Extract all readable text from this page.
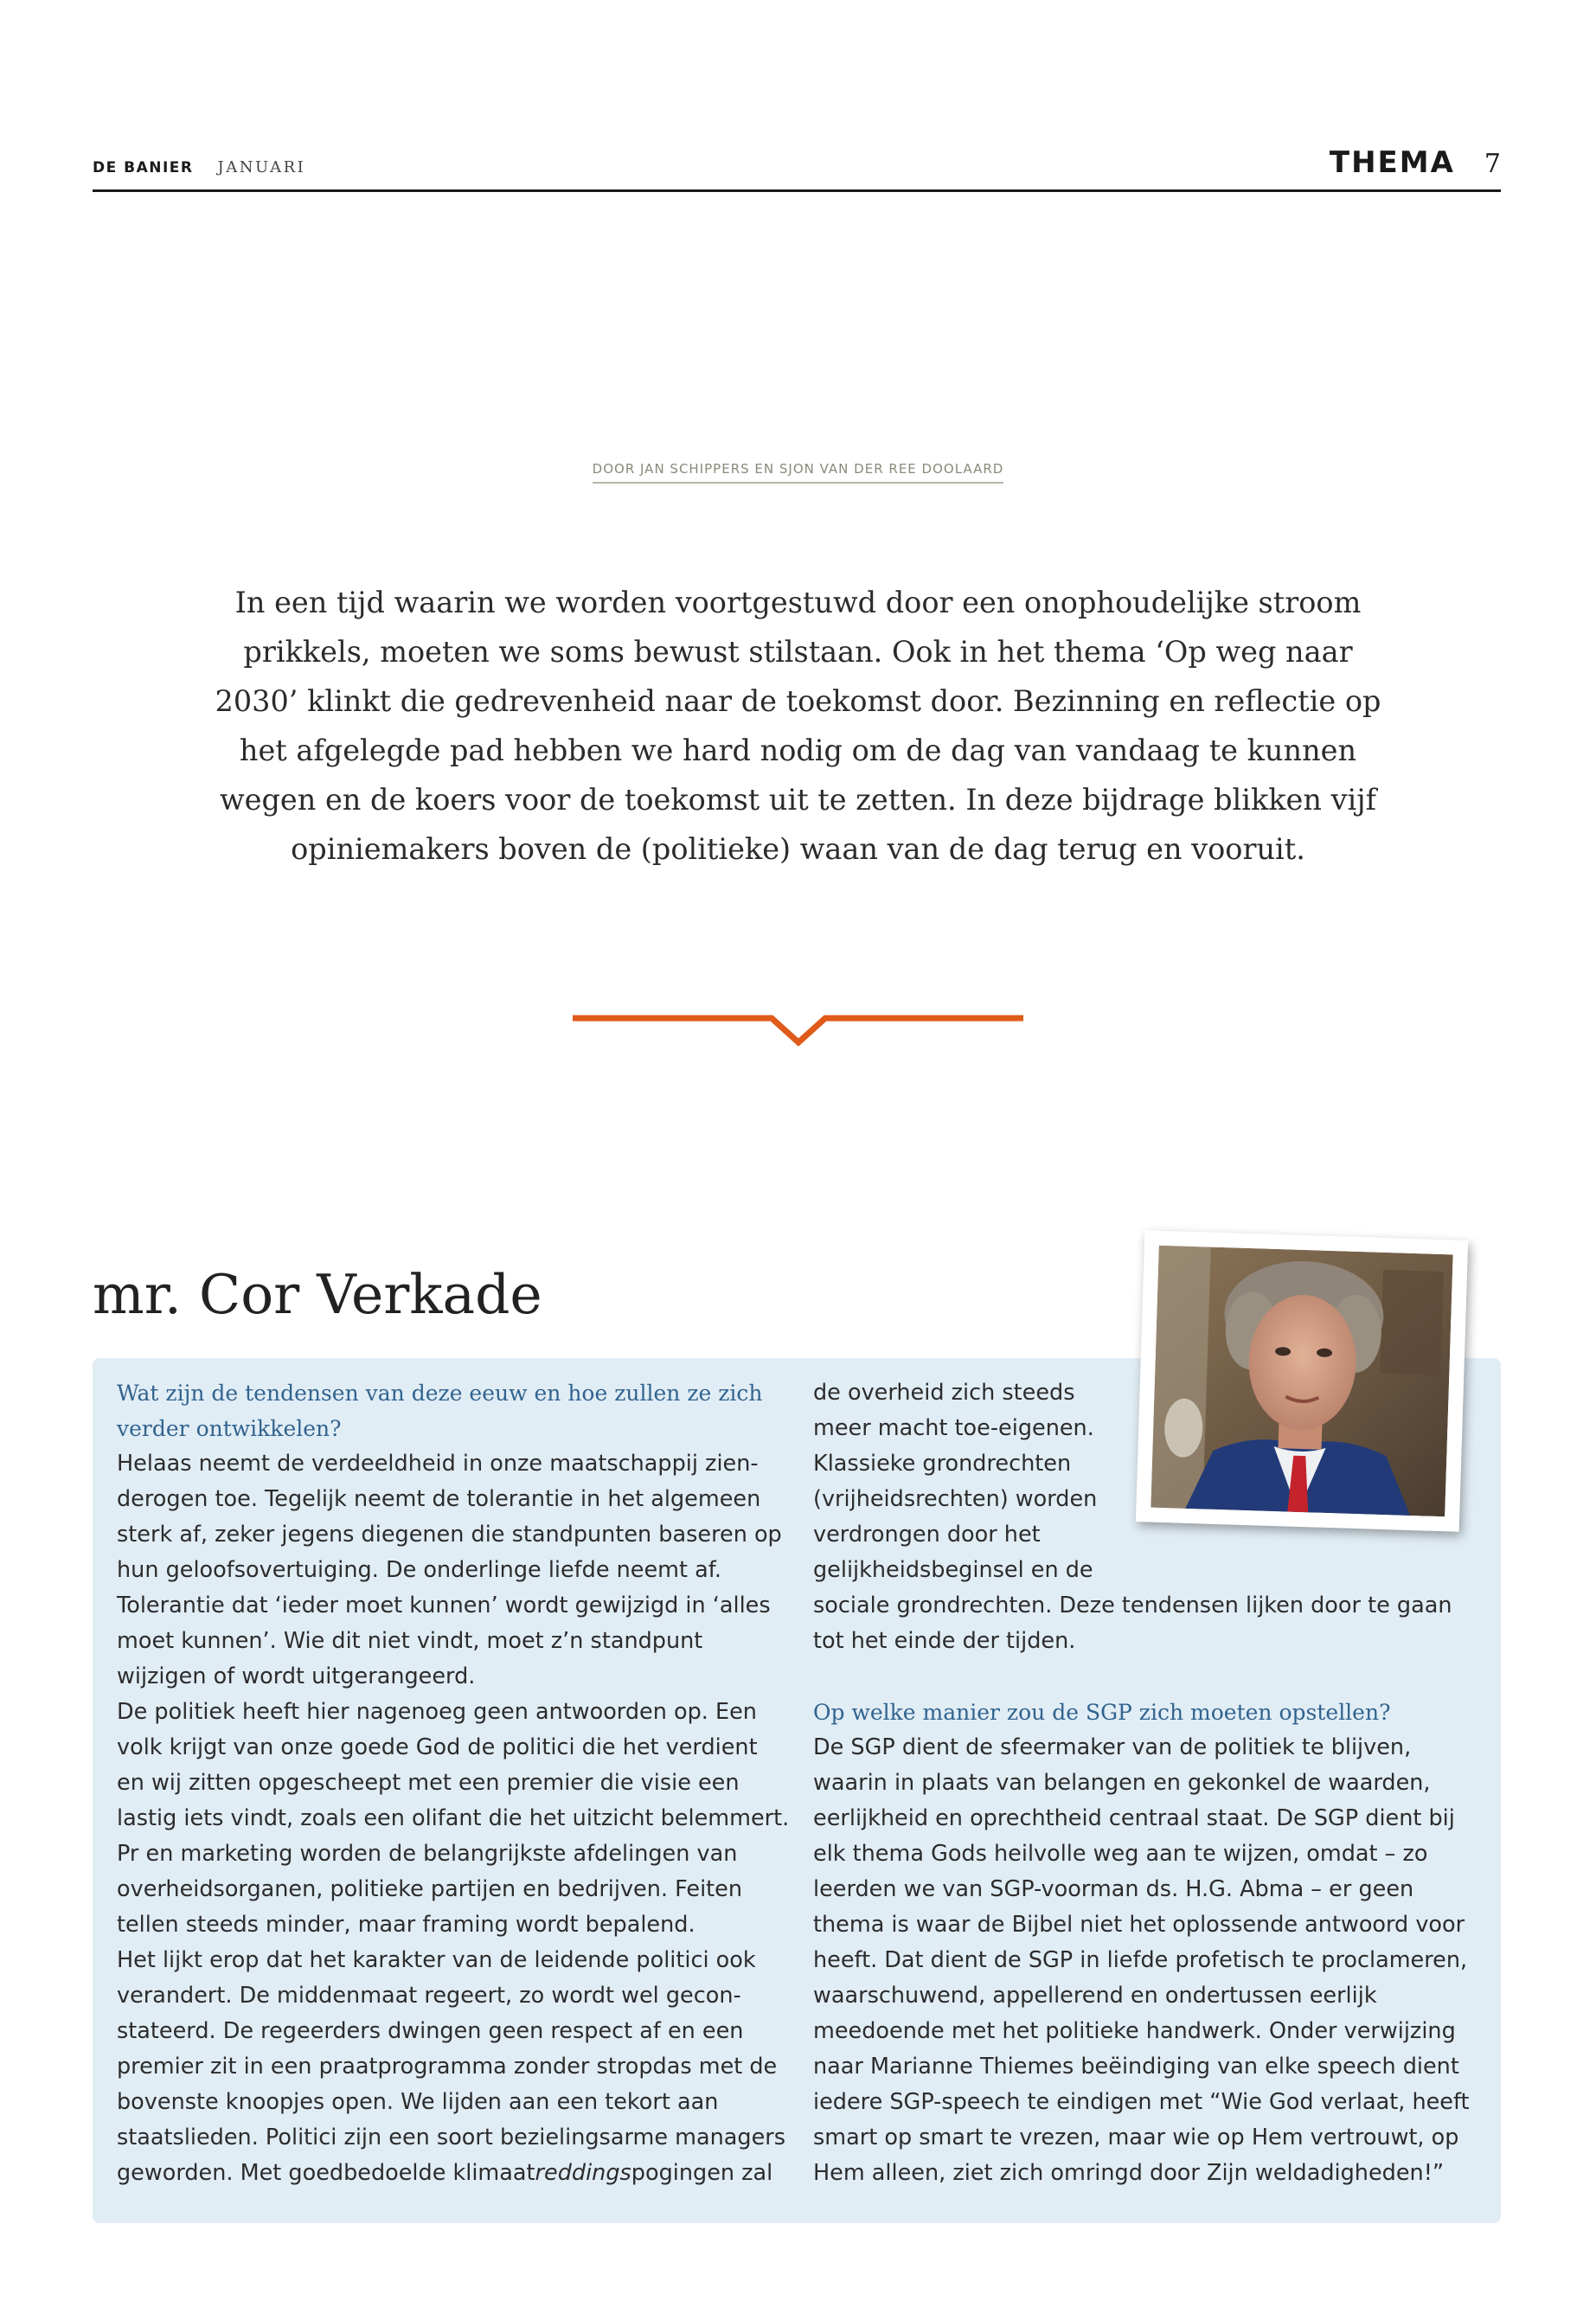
DE BANIER JANUARI	THEMA 7
DOOR JAN SCHIPPERS EN SJON VAN DER REE DOOLAARD

In een tijd waarin we worden voortgestuwd door een onophoudelijke stroom
prikkels, moeten we soms bewust stilstaan. Ook in het thema ‘Op weg naar
2030’ klinkt die gedrevenheid naar de toekomst door. Bezinning en reflectie op
het afgelegde pad hebben we hard nodig om de dag van vandaag te kunnen
wegen en de koers voor de toekomst uit te zetten. In deze bijdrage blikken vijf
opiniemakers boven de (politieke) waan van de dag terug en vooruit.

mr. Cor Verkade
Wat zijn de tendensen van deze eeuw en hoe zullen ze zich verder ontwikkelen?
Helaas neemt de verdeeldheid in onze maatschappij zienderogen toe. Tegelijk neemt de tolerantie in het algemeen sterk af, zeker jegens diegenen die standpunten baseren op hun geloofsovertuiging. De onderlinge liefde neemt af. Tolerantie dat ‘ieder moet kunnen’ wordt gewijzigd in ‘alles moet kunnen’. Wie dit niet vindt, moet z’n standpunt wijzigen of wordt uitgerangeerd.
De politiek heeft hier nagenoeg geen antwoorden op. Een volk krijgt van onze goede God de politici die het verdient en wij zitten opgescheept met een premier die visie een lastig iets vindt, zoals een olifant die het uitzicht belemmert. Pr en marketing worden de belangrijkste afdelingen van overheidsorganen, politieke partijen en bedrijven. Feiten tellen steeds minder, maar framing wordt bepalend.
Het lijkt erop dat het karakter van de leidende politici ook verandert. De middenmaat regeert, zo wordt wel geconstateerd. De regeerders dwingen geen respect af en een premier zit in een praatprogramma zonder stropdas met de bovenste knoopjes open. We lijden aan een tekort aan staatslieden. Politici zijn een soort bezielingsarme managers geworden. Met goedbedoelde klimaatreddingspogingen zal
de overheid zich steeds
meer macht toe-eigenen.
Klassieke grondrechten
(vrijheidsrechten) worden
verdrongen door het
gelijkheidsbeginsel en de
sociale grondrechten. Deze tendensen lijken door te gaan tot het einde der tijden.
Op welke manier zou de SGP zich moeten opstellen?
De SGP dient de sfeermaker van de politiek te blijven, waarin in plaats van belangen en gekonkel de waarden, eerlijkheid en oprechtheid centraal staat. De SGP dient bij elk thema Gods heilvolle weg aan te wijzen, omdat – zo leerden we van SGP-voorman ds. H.G. Abma – er geen thema is waar de Bijbel niet het oplossende antwoord voor heeft. Dat dient de SGP in liefde profetisch te proclameren, waarschuwend, appellerend en ondertussen eerlijk meedoende met het politieke handwerk. Onder verwijzing naar Marianne Thiemes beëindiging van elke speech dient iedere SGP-speech te eindigen met “Wie God verlaat, heeft smart op smart te vrezen, maar wie op Hem vertrouwt, op Hem alleen, ziet zich omringd door Zijn weldadigheden!”
